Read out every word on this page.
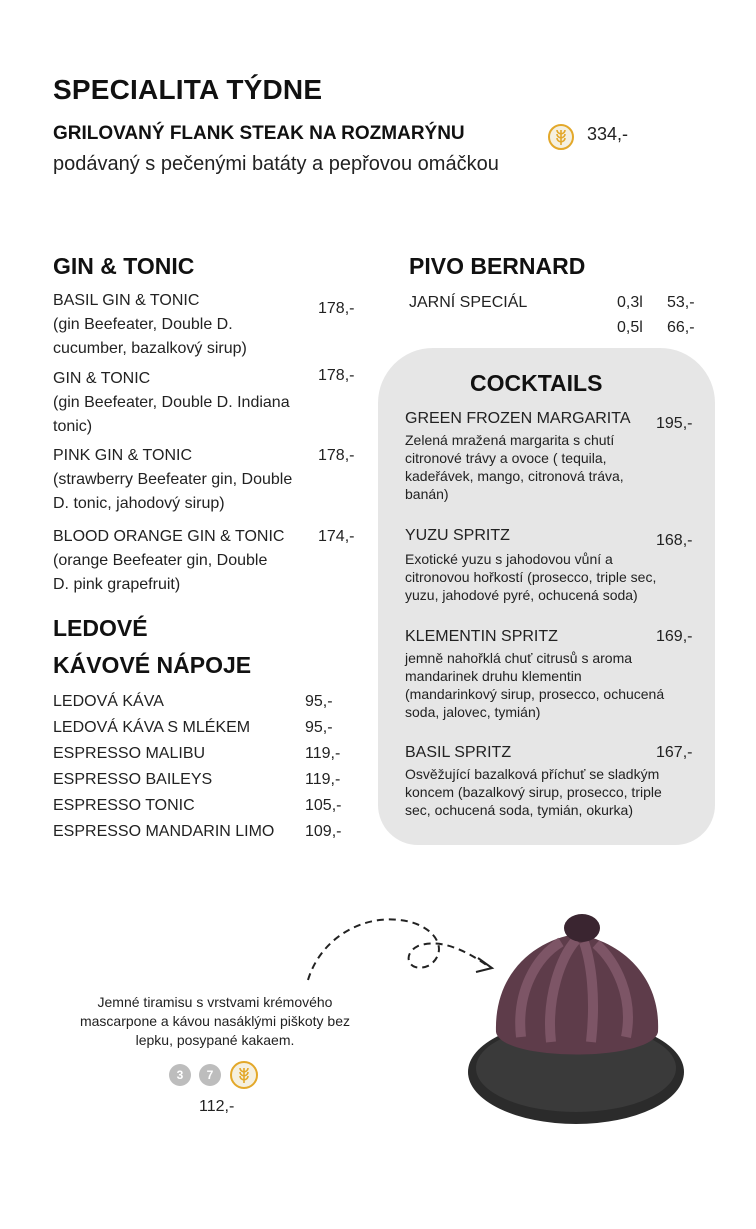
SPECIALITA TÝDNE
GRILOVANÝ FLANK STEAK NA ROZMARÝNU	334,-
podávaný s pečenými batáty a pepřovou omáčkou
GIN & TONIC
BASIL GIN & TONIC
(gin Beefeater, Double D.
cucumber, bazalkový sirup)
178,-
GIN & TONIC
(gin Beefeater, Double D. Indiana
tonic)
178,-
PINK GIN & TONIC
(strawberry Beefeater gin, Double
D. tonic, jahodový sirup)
178,-
BLOOD ORANGE GIN & TONIC
(orange Beefeater gin, Double
D. pink grapefruit)
174,-
LEDOVÉ
KÁVOVÉ NÁPOJE
LEDOVÁ KÁVA	95,-
LEDOVÁ KÁVA S MLÉKEM	95,-
ESPRESSO MALIBU	119,-
ESPRESSO BAILEYS	119,-
ESPRESSO TONIC	105,-
ESPRESSO MANDARIN LIMO 109,-
PIVO BERNARD
JARNÍ SPECIÁL	0,3l 53,-
0,5l 66,-
COCKTAILS
GREEN FROZEN MARGARITA
Zelená mražená margarita s chutí
citronové trávy a ovoce ( tequila,
kadeřávek, mango, citronová tráva,
banán)
195,-
YUZU SPRITZ
Exotické yuzu s jahodovou vůní a
citronovou hořkostí (prosecco, triple sec,
yuzu, jahodové pyré, ochucená soda)
168,-
KLEMENTIN SPRITZ
jemně nahořklá chuť citrusů s aroma
mandarinek druhu klementin
(mandarinkový sirup, prosecco, ochucená
soda, jalovec, tymián)
169,-
BASIL SPRITZ
Osvěžující bazalková příchuť se sladkým
koncem (bazalkový sirup, prosecco, triple
sec, ochucená soda, tymián, okurka)
167,-
Jemné tiramisu s vrstvami krémového
mascarpone a kávou nasáklými piškoty bez
lepku, posypané kakaem.
3	7
112,-
